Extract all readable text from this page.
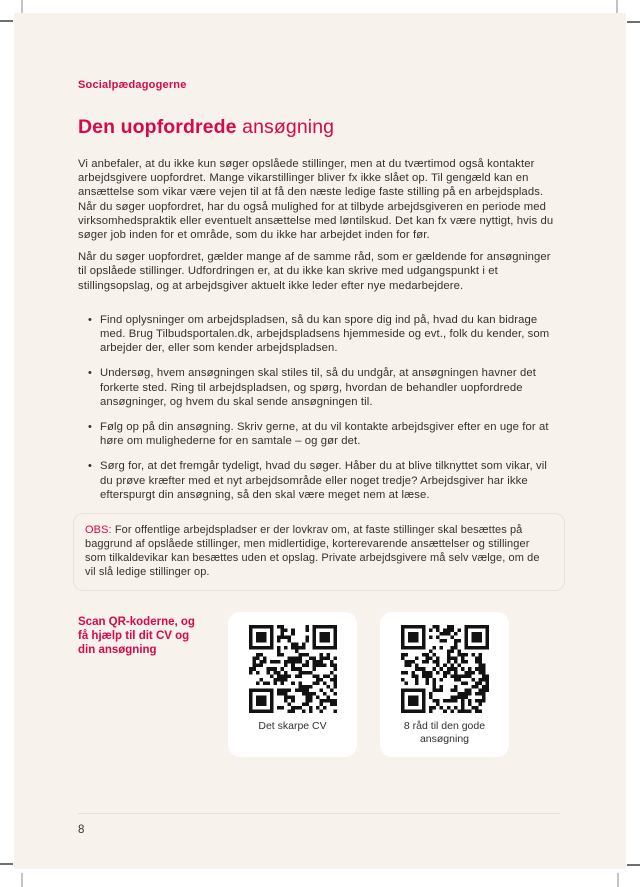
Socialpædagogerne
Den uopfordrede ansøgning

Vi anbefaler, at du ikke kun søger opslåede stillinger, men at du tværtimod også kontakter arbejdsgivere uopfordret. Mange vikarstillinger bliver fx ikke slået op. Til gengæld kan en ansættelse som vikar være vejen til at få den næste ledige faste stilling på en arbejdsplads. Når du søger uopfordret, har du også mulighed for at tilbyde arbejdsgiveren en periode med virksomhedspraktik eller eventuelt ansættelse med løntilskud. Det kan fx være nyttigt, hvis du søger job inden for et område, som du ikke har arbejdet inden for før.

Når du søger uopfordret, gælder mange af de samme råd, som er gældende for ansøgninger til opslåede stillinger. Udfordringen er, at du ikke kan skrive med udgangspunkt i et stillingsopslag, og at arbejdsgiver aktuelt ikke leder efter nye medarbejdere.

• Find oplysninger om arbejdspladsen, så du kan spore dig ind på, hvad du kan bidrage med. Brug Tilbudsportalen.dk, arbejdspladsens hjemmeside og evt., folk du kender, som arbejder der, eller som kender arbejdspladsen.
• Undersøg, hvem ansøgningen skal stiles til, så du undgår, at ansøgningen havner det forkerte sted. Ring til arbejdspladsen, og spørg, hvordan de behandler uopfordrede ansøgninger, og hvem du skal sende ansøgningen til.
• Følg op på din ansøgning. Skriv gerne, at du vil kontakte arbejdsgiver efter en uge for at høre om mulighederne for en samtale – og gør det.
• Sørg for, at det fremgår tydeligt, hvad du søger. Håber du at blive tilknyttet som vikar, vil du prøve kræfter med et nyt arbejdsområde eller noget tredje? Arbejdsgiver har ikke efterspurgt din ansøgning, så den skal være meget nem at læse.
OBS: For offentlige arbejdspladser er der lovkrav om, at faste stillinger skal besættes på baggrund af opslåede stillinger, men midlertidige, korterevarende ansættelser og stillinger som tilkaldevikar kan besættes uden et opslag. Private arbejdsgivere må selv vælge, om de vil slå ledige stillinger op.
Scan QR-koderne, og få hjælp til dit CV og din ansøgning
Det skarpe CV	8 råd til den gode ansøgning
8
